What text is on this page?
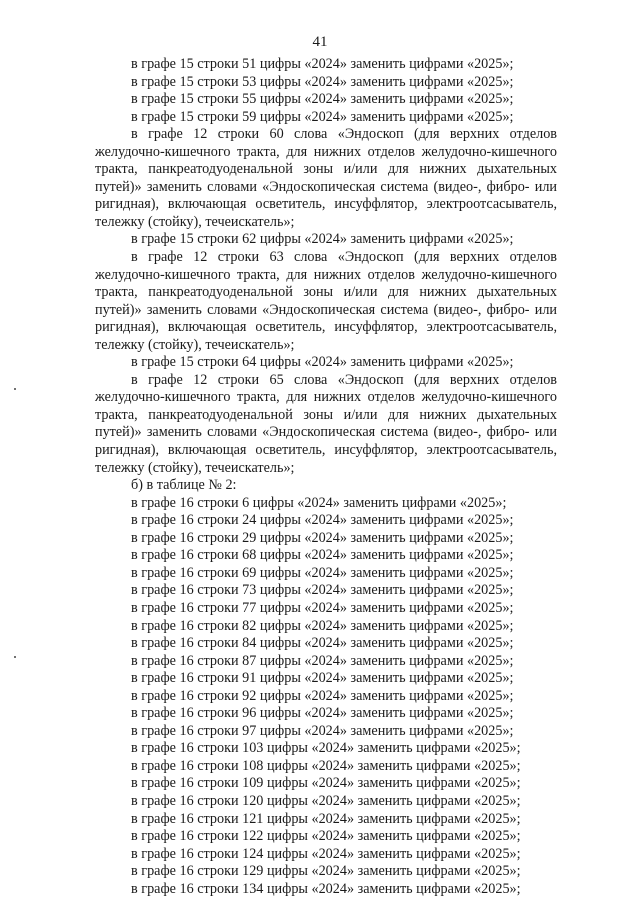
41

в графе 15 строки 51 цифры «2024» заменить цифрами «2025»;

в графе 15 строки 53 цифры «2024» заменить цифрами «2025»;

в графе 15 строки 55 цифры «2024» заменить цифрами «2025»;

в графе 15 строки 59 цифры «2024» заменить цифрами «2025»;

в графе 12 строки 60 слова «Эндоскоп (для верхних отделов желудочно-кишечного тракта, для нижних отделов желудочно-кишечного тракта, панкреатодуоденальной зоны и/или для нижних дыхательных путей)» заменить словами «Эндоскопическая система (видео-, фибро- или ригидная), включающая осветитель, инсуффлятор, электроотсасыватель, тележку (стойку), течеискатель»;

в графе 15 строки 62 цифры «2024» заменить цифрами «2025»;

в графе 12 строки 63 слова «Эндоскоп (для верхних отделов желудочно-кишечного тракта, для нижних отделов желудочно-кишечного тракта, панкреатодуоденальной зоны и/или для нижних дыхательных путей)» заменить словами «Эндоскопическая система (видео-, фибро- или ригидная), включающая осветитель, инсуффлятор, электроотсасыватель, тележку (стойку), течеискатель»;

в графе 15 строки 64 цифры «2024» заменить цифрами «2025»;

в графе 12 строки 65 слова «Эндоскоп (для верхних отделов желудочно-кишечного тракта, для нижних отделов желудочно-кишечного тракта, панкреатодуоденальной зоны и/или для нижних дыхательных путей)» заменить словами «Эндоскопическая система (видео-, фибро- или ригидная), включающая осветитель, инсуффлятор, электроотсасыватель, тележку (стойку), течеискатель»;

б) в таблице № 2:

в графе 16 строки 6 цифры «2024» заменить цифрами «2025»;

в графе 16 строки 24 цифры «2024» заменить цифрами «2025»;

в графе 16 строки 29 цифры «2024» заменить цифрами «2025»;

в графе 16 строки 68 цифры «2024» заменить цифрами «2025»;

в графе 16 строки 69 цифры «2024» заменить цифрами «2025»;

в графе 16 строки 73 цифры «2024» заменить цифрами «2025»;

в графе 16 строки 77 цифры «2024» заменить цифрами «2025»;

в графе 16 строки 82 цифры «2024» заменить цифрами «2025»;

в графе 16 строки 84 цифры «2024» заменить цифрами «2025»;

в графе 16 строки 87 цифры «2024» заменить цифрами «2025»;

в графе 16 строки 91 цифры «2024» заменить цифрами «2025»;

в графе 16 строки 92 цифры «2024» заменить цифрами «2025»;

в графе 16 строки 96 цифры «2024» заменить цифрами «2025»;

в графе 16 строки 97 цифры «2024» заменить цифрами «2025»;

в графе 16 строки 103 цифры «2024» заменить цифрами «2025»;

в графе 16 строки 108 цифры «2024» заменить цифрами «2025»;

в графе 16 строки 109 цифры «2024» заменить цифрами «2025»;

в графе 16 строки 120 цифры «2024» заменить цифрами «2025»;

в графе 16 строки 121 цифры «2024» заменить цифрами «2025»;

в графе 16 строки 122 цифры «2024» заменить цифрами «2025»;

в графе 16 строки 124 цифры «2024» заменить цифрами «2025»;

в графе 16 строки 129 цифры «2024» заменить цифрами «2025»;

в графе 16 строки 134 цифры «2024» заменить цифрами «2025»;
